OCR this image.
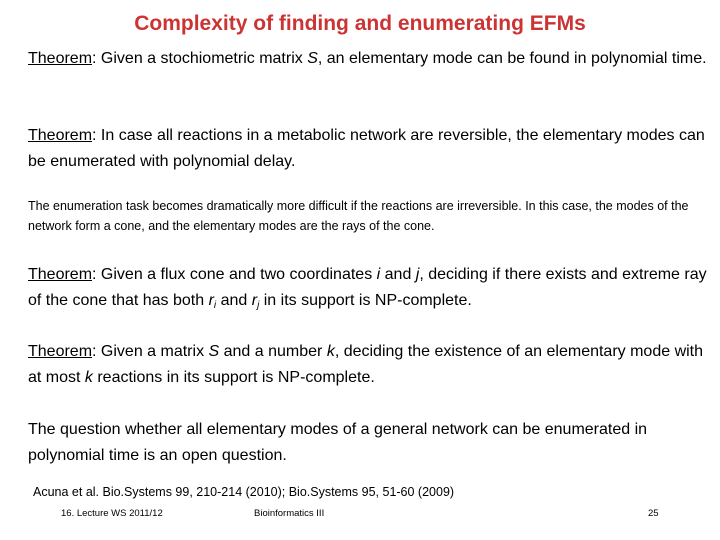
Complexity of finding and enumerating EFMs
Theorem: Given a stochiometric matrix S, an elementary mode can be found in polynomial time.
Theorem: In case all reactions in a metabolic network are reversible, the elementary modes can be enumerated with polynomial delay.
The enumeration task becomes dramatically more difficult if the reactions are irreversible. In this case, the modes of the network form a cone, and the elementary modes are the rays of the cone.
Theorem: Given a flux cone and two coordinates i and j, deciding if there exists and extreme ray of the cone that has both $r_i$ and $r_j$ in its support is NP-complete.
Theorem: Given a matrix S and a number k, deciding the existence of an elementary mode with at most k reactions in its support is NP-complete.
The question whether all elementary modes of a general network can be enumerated in polynomial time is an open question.
Acuna et al. Bio.Systems 99, 210-214 (2010); Bio.Systems 95, 51-60 (2009)
16. Lecture WS 2011/12	Bioinformatics III	25
